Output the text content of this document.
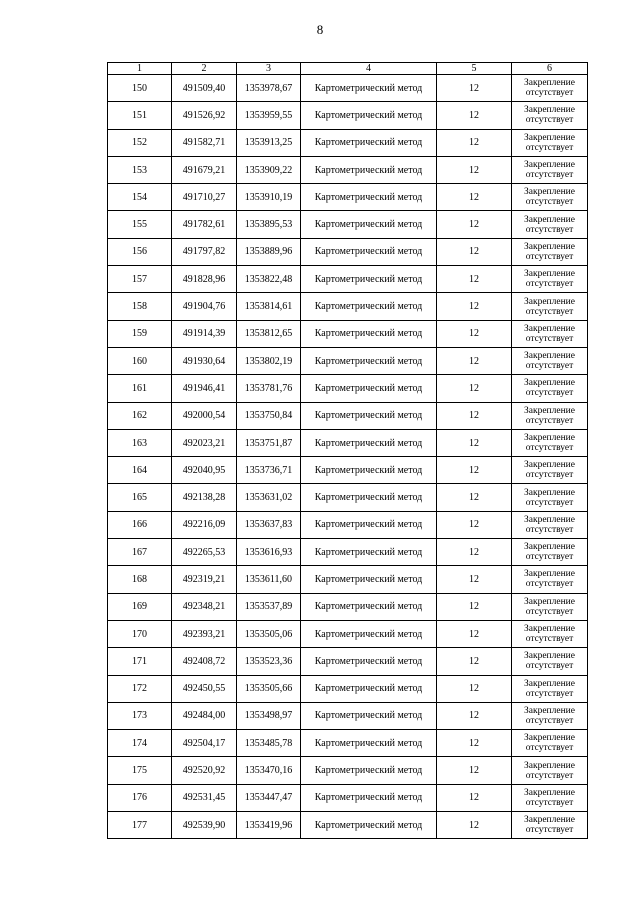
8
1	2	3	4	5	6
150	491509,40	1353978,67	Картометрический метод	12	Закрепление отсутствует
151	491526,92	1353959,55	Картометрический метод	12	Закрепление отсутствует
152	491582,71	1353913,25	Картометрический метод	12	Закрепление отсутствует
153	491679,21	1353909,22	Картометрический метод	12	Закрепление отсутствует
154	491710,27	1353910,19	Картометрический метод	12	Закрепление отсутствует
155	491782,61	1353895,53	Картометрический метод	12	Закрепление отсутствует
156	491797,82	1353889,96	Картометрический метод	12	Закрепление отсутствует
157	491828,96	1353822,48	Картометрический метод	12	Закрепление отсутствует
158	491904,76	1353814,61	Картометрический метод	12	Закрепление отсутствует
159	491914,39	1353812,65	Картометрический метод	12	Закрепление отсутствует
160	491930,64	1353802,19	Картометрический метод	12	Закрепление отсутствует
161	491946,41	1353781,76	Картометрический метод	12	Закрепление отсутствует
162	492000,54	1353750,84	Картометрический метод	12	Закрепление отсутствует
163	492023,21	1353751,87	Картометрический метод	12	Закрепление отсутствует
164	492040,95	1353736,71	Картометрический метод	12	Закрепление отсутствует
165	492138,28	1353631,02	Картометрический метод	12	Закрепление отсутствует
166	492216,09	1353637,83	Картометрический метод	12	Закрепление отсутствует
167	492265,53	1353616,93	Картометрический метод	12	Закрепление отсутствует
168	492319,21	1353611,60	Картометрический метод	12	Закрепление отсутствует
169	492348,21	1353537,89	Картометрический метод	12	Закрепление отсутствует
170	492393,21	1353505,06	Картометрический метод	12	Закрепление отсутствует
171	492408,72	1353523,36	Картометрический метод	12	Закрепление отсутствует
172	492450,55	1353505,66	Картометрический метод	12	Закрепление отсутствует
173	492484,00	1353498,97	Картометрический метод	12	Закрепление отсутствует
174	492504,17	1353485,78	Картометрический метод	12	Закрепление отсутствует
175	492520,92	1353470,16	Картометрический метод	12	Закрепление отсутствует
176	492531,45	1353447,47	Картометрический метод	12	Закрепление отсутствует
177	492539,90	1353419,96	Картометрический метод	12	Закрепление отсутствует
